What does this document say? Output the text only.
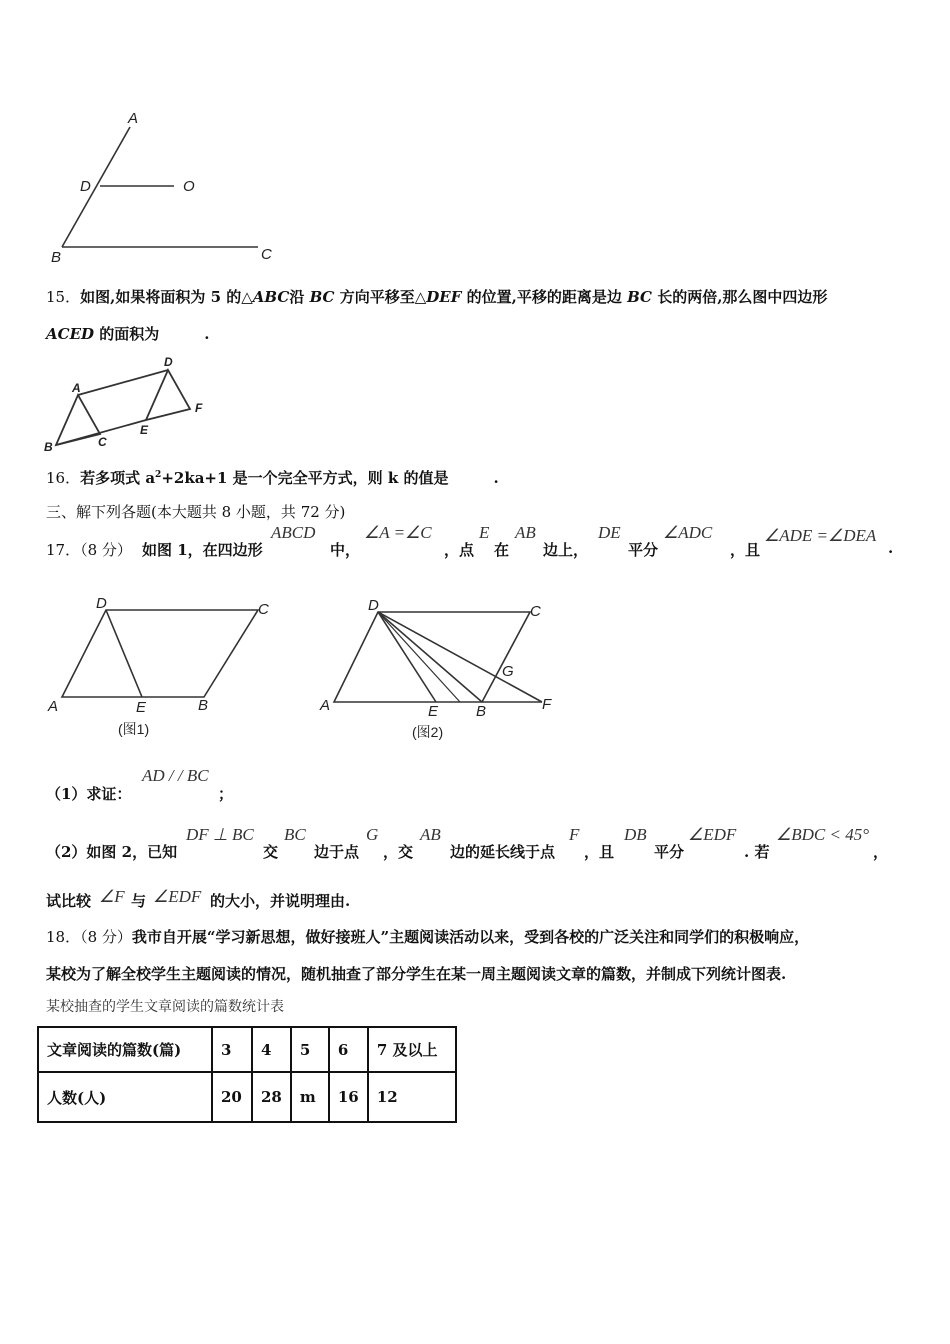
A
D	O
B	C
15．如图,如果将面积为 5 的△ABC沿 BC 方向平移至△DEF 的位置,平移的距离是边 BC 长的两倍,那么图中四边形
ACED 的面积为	.
A
B	C
D
E
F
16．若多项式 $a^2+2ka+1$ 是一个完全平方式，则 k 的值是	.
三、解下列各题(本大题共 8 小题，共 72 分)
17．（8 分） 如图 1，在四边形
ABCD
中，
∠A =∠C
，点
E
在
AB
边上，
DE
平分
∠ADC
，且
∠ADE =∠DEA
.
A	E	B
D	C
(图1)
A	E	B	F
D	C
G
(图2)
（1）求证：
AD / / BC
；
（2）如图 2，已知
DF ⊥ BC
交
BC
边于点
G
，交
AB
边的延长线于点
F
，且
DB
平分
∠EDF
. 若
∠BDC < 45°
，
试比较 ∠F 与 ∠EDF 的大小，并说明理由.
18．（8 分）我市自开展“学习新思想，做好接班人”主题阅读活动以来，受到各校的广泛关注和同学们的积极响应，
某校为了解全校学生主题阅读的情况，随机抽查了部分学生在某一周主题阅读文章的篇数，并制成下列统计图表.
某校抽查的学生文章阅读的篇数统计表
文章阅读的篇数(篇)	3	4	5	6	7 及以上
人数(人)	20	28	m	16	12
